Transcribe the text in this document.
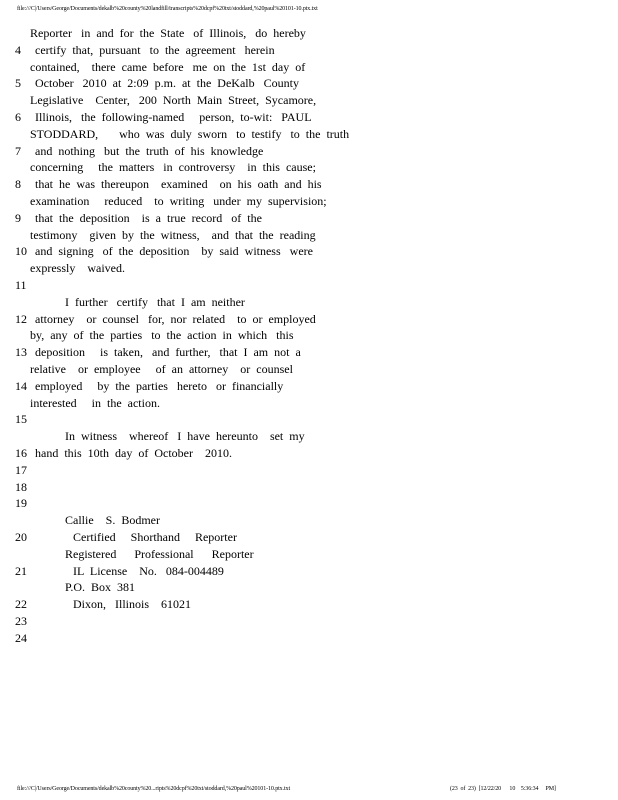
file:///C|/Users/George/Documents/dekalb%20county%20landfill/transcripts%20dcpf%20txt/stoddard,%20paul%20101-10.ptx.txt
Reporter   in  and  for  the  State   of  Illinois,   do  hereby
4 certify  that,  pursuant   to  the  agreement   herein
contained,    there  came  before   me  on  the  1st  day  of
5 October   2010  at  2:09  p.m.  at  the  DeKalb   County
Legislative    Center,   200  North  Main  Street,  Sycamore,
6 Illinois,   the  following-named     person,  to-wit:   PAUL
STODDARD,       who  was  duly  sworn   to  testify   to  the  truth
7 and  nothing   but  the  truth  of  his  knowledge
concerning     the  matters   in  controversy    in  this  cause;
8 that  he  was  thereupon    examined    on  his  oath  and  his
examination     reduced    to  writing   under  my  supervision;
9 that  the  deposition    is  a  true  record   of  the
testimony    given  by  the  witness,    and  that  the  reading
10 and  signing   of  the  deposition    by  said  witness   were
expressly    waived.
11
I  further   certify   that  I  am  neither
12 attorney    or  counsel   for,  nor  related    to  or  employed
by,  any  of  the  parties   to  the  action  in  which   this
13 deposition     is  taken,   and  further,   that  I  am  not  a
relative    or  employee     of  an  attorney    or  counsel
14 employed     by  the  parties   hereto   or  financially
interested     in  the  action.
15
In  witness    whereof   I  have  hereunto    set  my
16 hand  this  10th  day  of  October    2010.
17
18
19
Callie    S.  Bodmer
20	Certified     Shorthand     Reporter
Registered      Professional      Reporter
21	IL  License    No.   084-004489
P.O.  Box  381
22	Dixon,   Illinois    61021
23
24
file:///C|/Users/George/Documents/dekalb%20county%20...ripts%20dcpf%20txt/stoddard,%20paul%20101-10.ptx.txt	(23  of  23)  [12/22/20      10    5:36:34     PM]
